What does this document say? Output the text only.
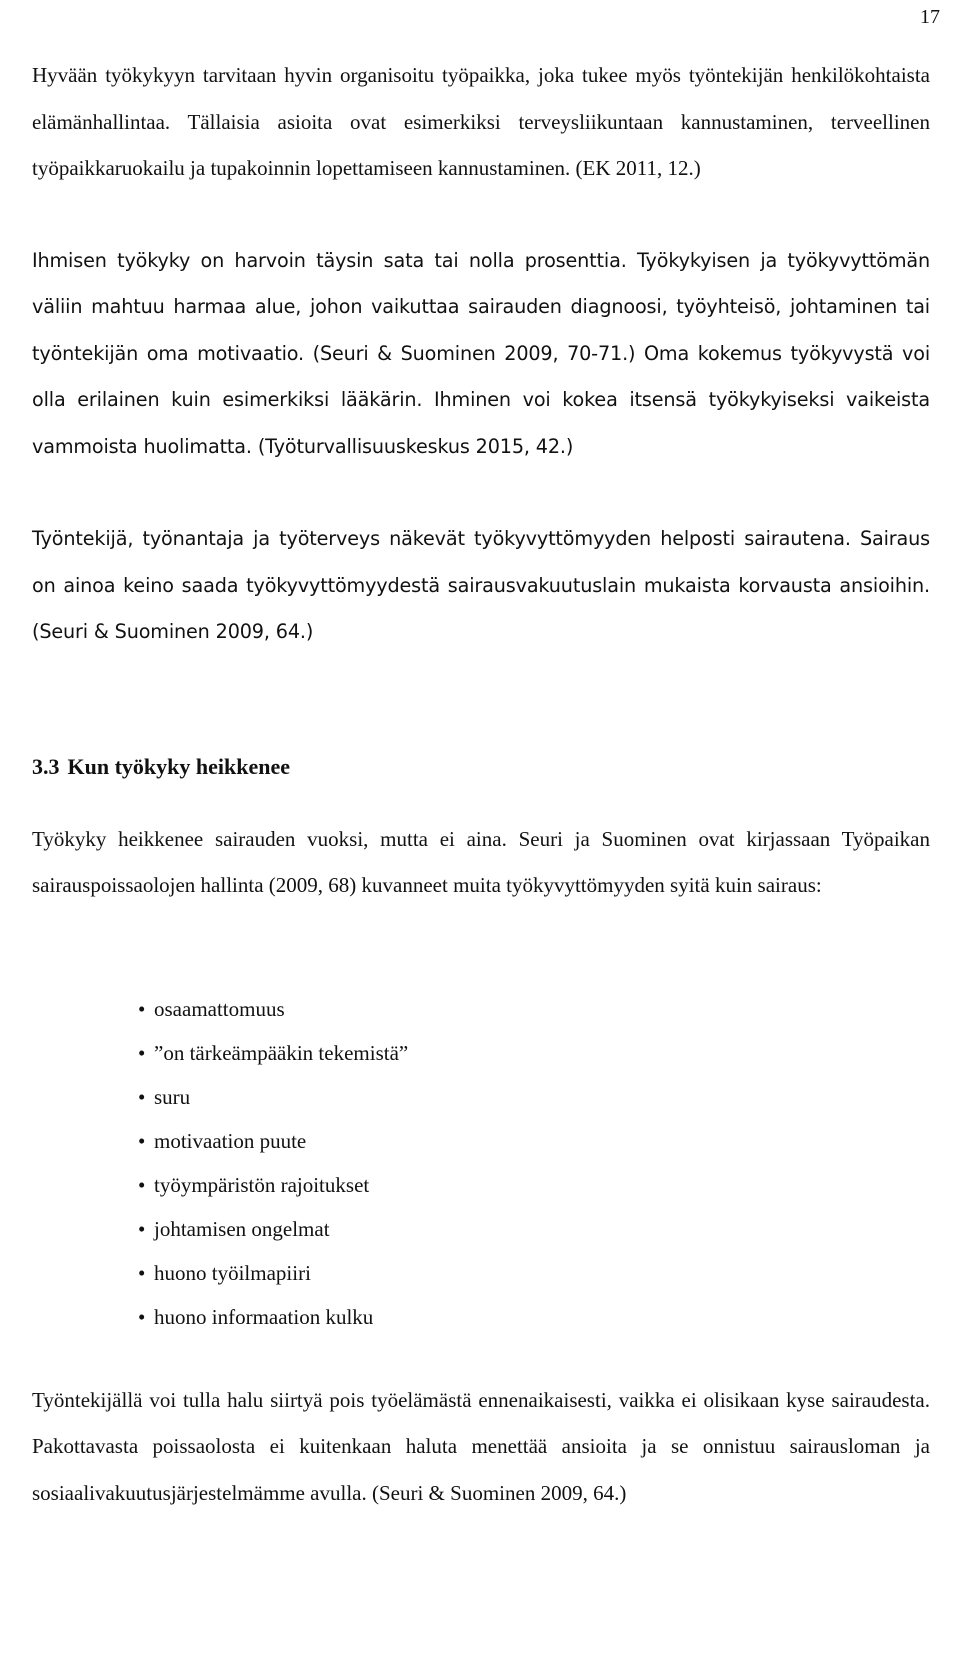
17

Hyvään työkykyyn tarvitaan hyvin organisoitu työpaikka, joka tukee myös työntekijän henkilökohtaista elämänhallintaa. Tällaisia asioita ovat esimerkiksi terveysliikuntaan kannustaminen, terveellinen työpaikkaruokailu ja tupakoinnin lopettamiseen kannustaminen. (EK 2011, 12.)

Ihmisen työkyky on harvoin täysin sata tai nolla prosenttia. Työkykyisen ja työkyvyttömän väliin mahtuu harmaa alue, johon vaikuttaa sairauden diagnoosi, työyhteisö, johtaminen tai työntekijän oma motivaatio. (Seuri & Suominen 2009, 70-71.) Oma kokemus työkyvystä voi olla erilainen kuin esimerkiksi lääkärin. Ihminen voi kokea itsensä työkykyiseksi vaikeista vammoista huolimatta. (Työturvallisuuskeskus 2015, 42.)

Työntekijä, työnantaja ja työterveys näkevät työkyvyttömyyden helposti sairautena. Sairaus on ainoa keino saada työkyvyttömyydestä sairausvakuutuslain mukaista korvausta ansioihin. (Seuri & Suominen 2009, 64.)

3.3 Kun työkyky heikkenee

Työkyky heikkenee sairauden vuoksi, mutta ei aina. Seuri ja Suominen ovat kirjassaan Työpaikan sairauspoissaolojen hallinta (2009, 68) kuvanneet muita työkyvyttömyyden syitä kuin sairaus:

• osaamattomuus
• ”on tärkeämpääkin tekemistä”
• suru
• motivaation puute
• työympäristön rajoitukset
• johtamisen ongelmat
• huono työilmapiiri
• huono informaation kulku

Työntekijällä voi tulla halu siirtyä pois työelämästä ennenaikaisesti, vaikka ei olisikaan kyse sairaudesta. Pakottavasta poissaolosta ei kuitenkaan haluta menettää ansioita ja se onnistuu sairausloman ja sosiaalivakuutusjärjestelmämme avulla. (Seuri & Suominen 2009, 64.)
